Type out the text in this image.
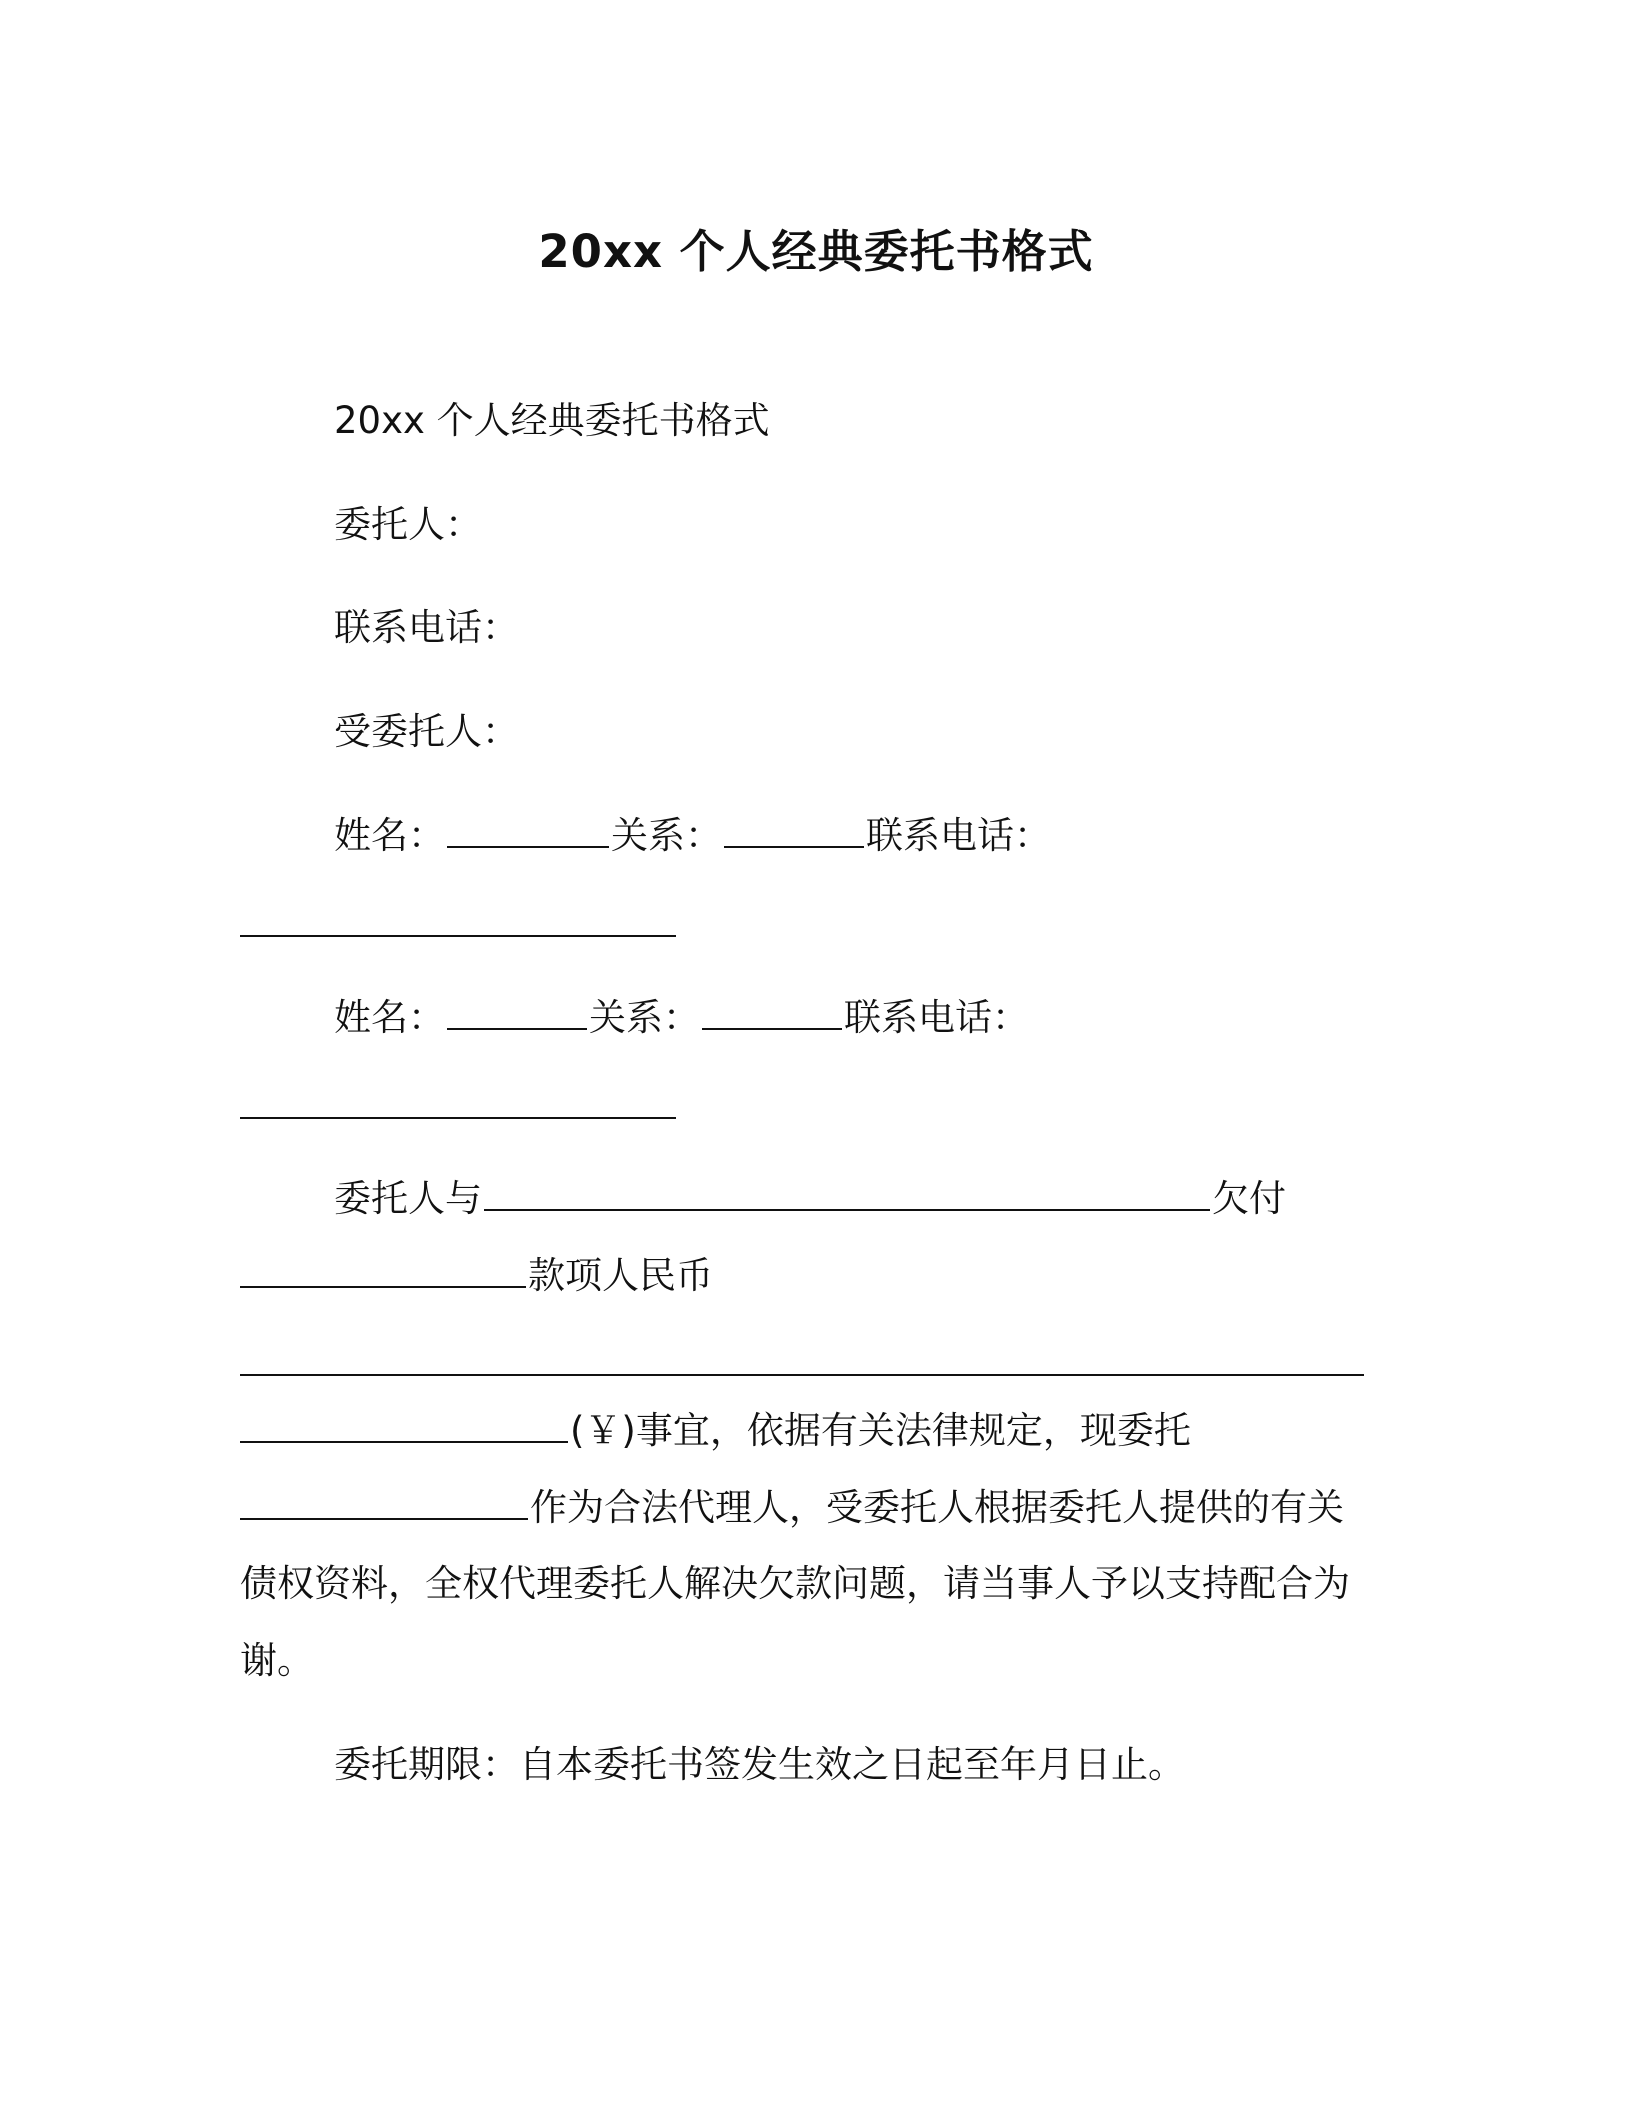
20xx 个人经典委托书格式
20xx 个人经典委托书格式
委托人：
联系电话：
受委托人：
姓名：	关系：	联系电话：
姓名：	关系：	联系电话：
委托人与	欠付
款项人民币
(￥)事宜，依据有关法律规定，现委托
作为合法代理人，受委托人根据委托人提供的有关
债权资料，全权代理委托人解决欠款问题，请当事人予以支持配合为
谢。
委托期限：自本委托书签发生效之日起至年月日止。
